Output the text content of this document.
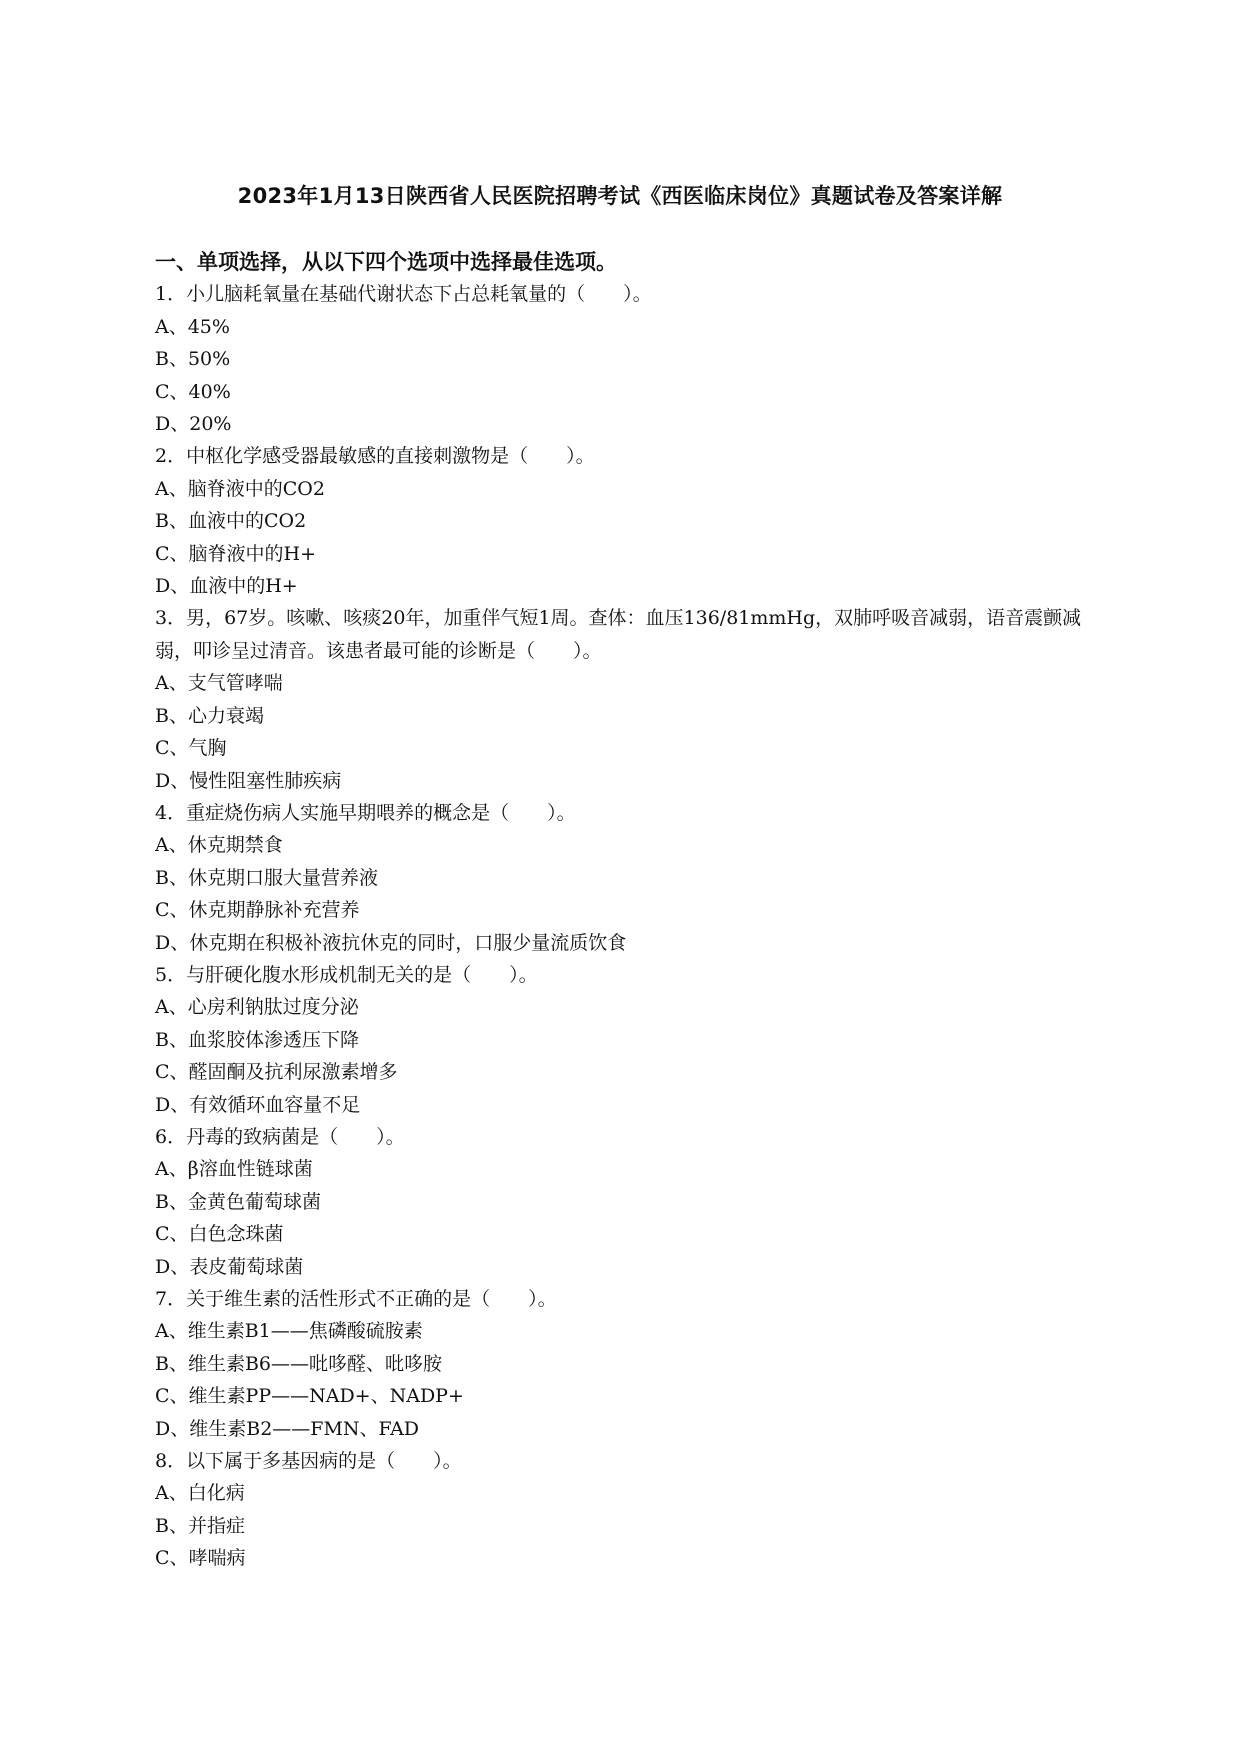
2023年1月13日陕西省人民医院招聘考试《西医临床岗位》真题试卷及答案详解
一、单项选择，从以下四个选项中选择最佳选项。
1．小儿脑耗氧量在基础代谢状态下占总耗氧量的（　　）。
A、45%
B、50%
C、40%
D、20%
2．中枢化学感受器最敏感的直接刺激物是（　　）。
A、脑脊液中的CO2
B、血液中的CO2
C、脑脊液中的H+
D、血液中的H+
3．男，67岁。咳嗽、咳痰20年，加重伴气短1周。查体：血压136/81mmHg，双肺呼吸音减弱，语音震颤减弱，叩诊呈过清音。该患者最可能的诊断是（　　）。
A、支气管哮喘
B、心力衰竭
C、气胸
D、慢性阻塞性肺疾病
4．重症烧伤病人实施早期喂养的概念是（　　）。
A、休克期禁食
B、休克期口服大量营养液
C、休克期静脉补充营养
D、休克期在积极补液抗休克的同时，口服少量流质饮食
5．与肝硬化腹水形成机制无关的是（　　）。
A、心房利钠肽过度分泌
B、血浆胶体渗透压下降
C、醛固酮及抗利尿激素增多
D、有效循环血容量不足
6．丹毒的致病菌是（　　）。
A、β溶血性链球菌
B、金黄色葡萄球菌
C、白色念珠菌
D、表皮葡萄球菌
7．关于维生素的活性形式不正确的是（　　）。
A、维生素B1——焦磷酸硫胺素
B、维生素B6——吡哆醛、吡哆胺
C、维生素PP——NAD+、NADP+
D、维生素B2——FMN、FAD
8．以下属于多基因病的是（　　）。
A、白化病
B、并指症
C、哮喘病
